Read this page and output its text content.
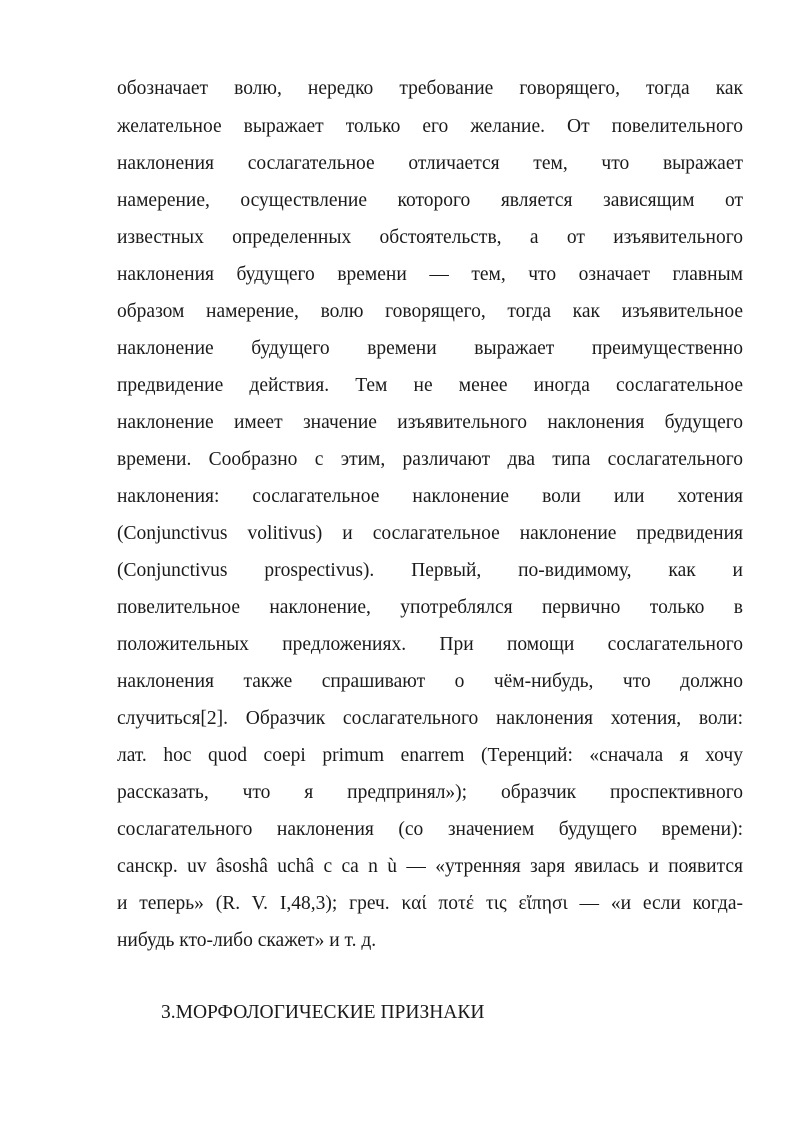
обозначает волю, нередко требование говорящего, тогда как
желательное выражает только его желание. От повелительного
наклонения сослагательное отличается тем, что выражает
намерение, осуществление которого является зависящим от
известных определенных обстоятельств, а от изъявительного
наклонения будущего времени — тем, что означает главным
образом намерение, волю говорящего, тогда как изъявительное
наклонение будущего времени выражает преимущественно
предвидение действия. Тем не менее иногда сослагательное
наклонение имеет значение изъявительного наклонения будущего
времени. Сообразно с этим, различают два типа сослагательного
наклонения: сослагательное наклонение воли или хотения
(Conjunctivus volitivus) и сослагательное наклонение предвидения
(Conjunctivus prospectivus). Первый, по-видимому, как и
повелительное наклонение, употреблялся первично только в
положительных предложениях. При помощи сослагательного
наклонения также спрашивают о чём-нибудь, что должно
случиться[2]. Образчик сослагательного наклонения хотения, воли:
лат. hoc quod coepi primum enarrem (Теренций: «сначала я хочу
рассказать, что я предпринял»); образчик проспективного
сослагательного наклонения (со значением будущего времени):
санскр. uv âsoshâ uchâ c ca n ù — «утренняя заря явилась и появится
и теперь» (R. V. I,48,3); греч. καί ποτέ τις εἴπησι — «и если когда-
нибудь кто-либо скажет» и т. д.
3.МОРФОЛОГИЧЕСКИЕ ПРИЗНАКИ
